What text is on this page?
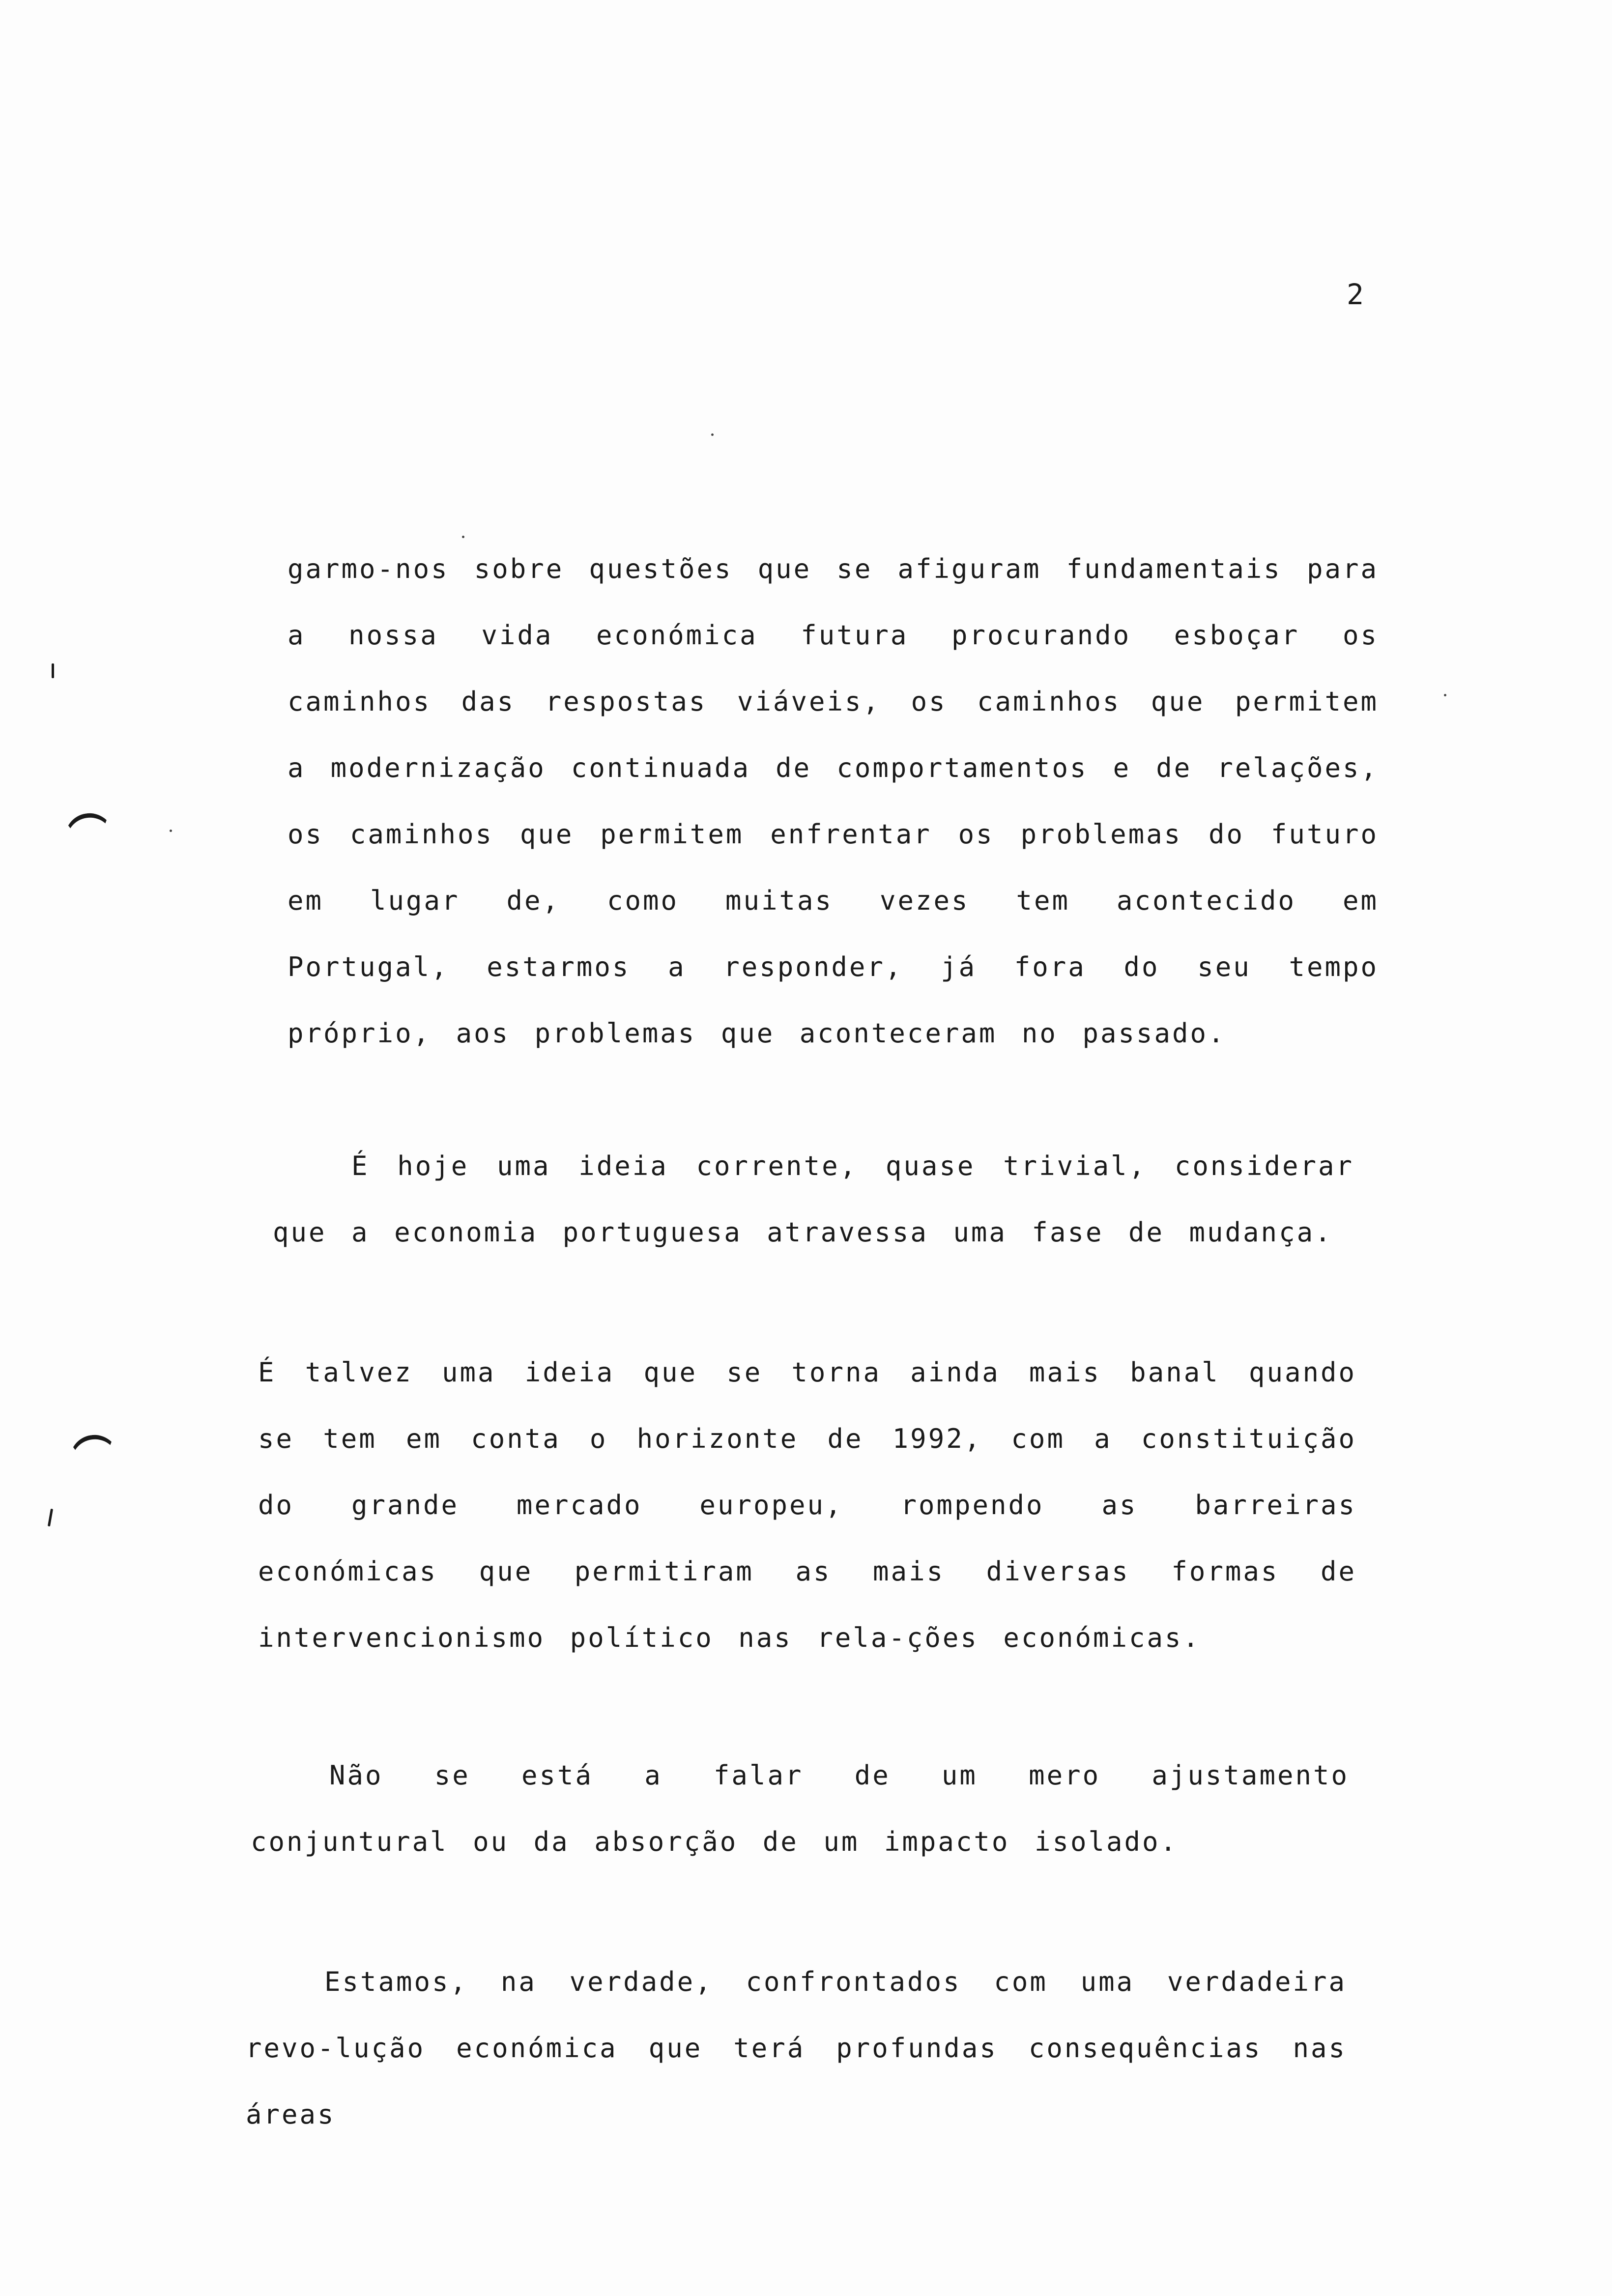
2

garmo-nos sobre questões que se afiguram fundamentais para a nossa vida económica futura procurando esboçar os caminhos das respostas viáveis, os caminhos que permitem a modernização continuada de comportamentos e de relações, os caminhos que permitem enfrentar os problemas do futuro em lugar de, como muitas vezes tem acontecido em Portugal, estarmos a responder, já fora do seu tempo próprio, aos problemas que aconteceram no passado.

É hoje uma ideia corrente, quase trivial, considerar que a economia portuguesa atravessa uma fase de mudança.

É talvez uma ideia que se torna ainda mais banal quando se tem em conta o horizonte de 1992, com a constituição do grande mercado europeu, rompendo as barreiras económicas que permitiram as mais diversas formas de intervencionismo político nas rela-ções económicas.

Não se está a falar de um mero ajustamento conjuntural ou da absorção de um impacto isolado.

Estamos, na verdade, confrontados com uma verdadeira revo-lução económica que terá profundas consequências nas áreas
